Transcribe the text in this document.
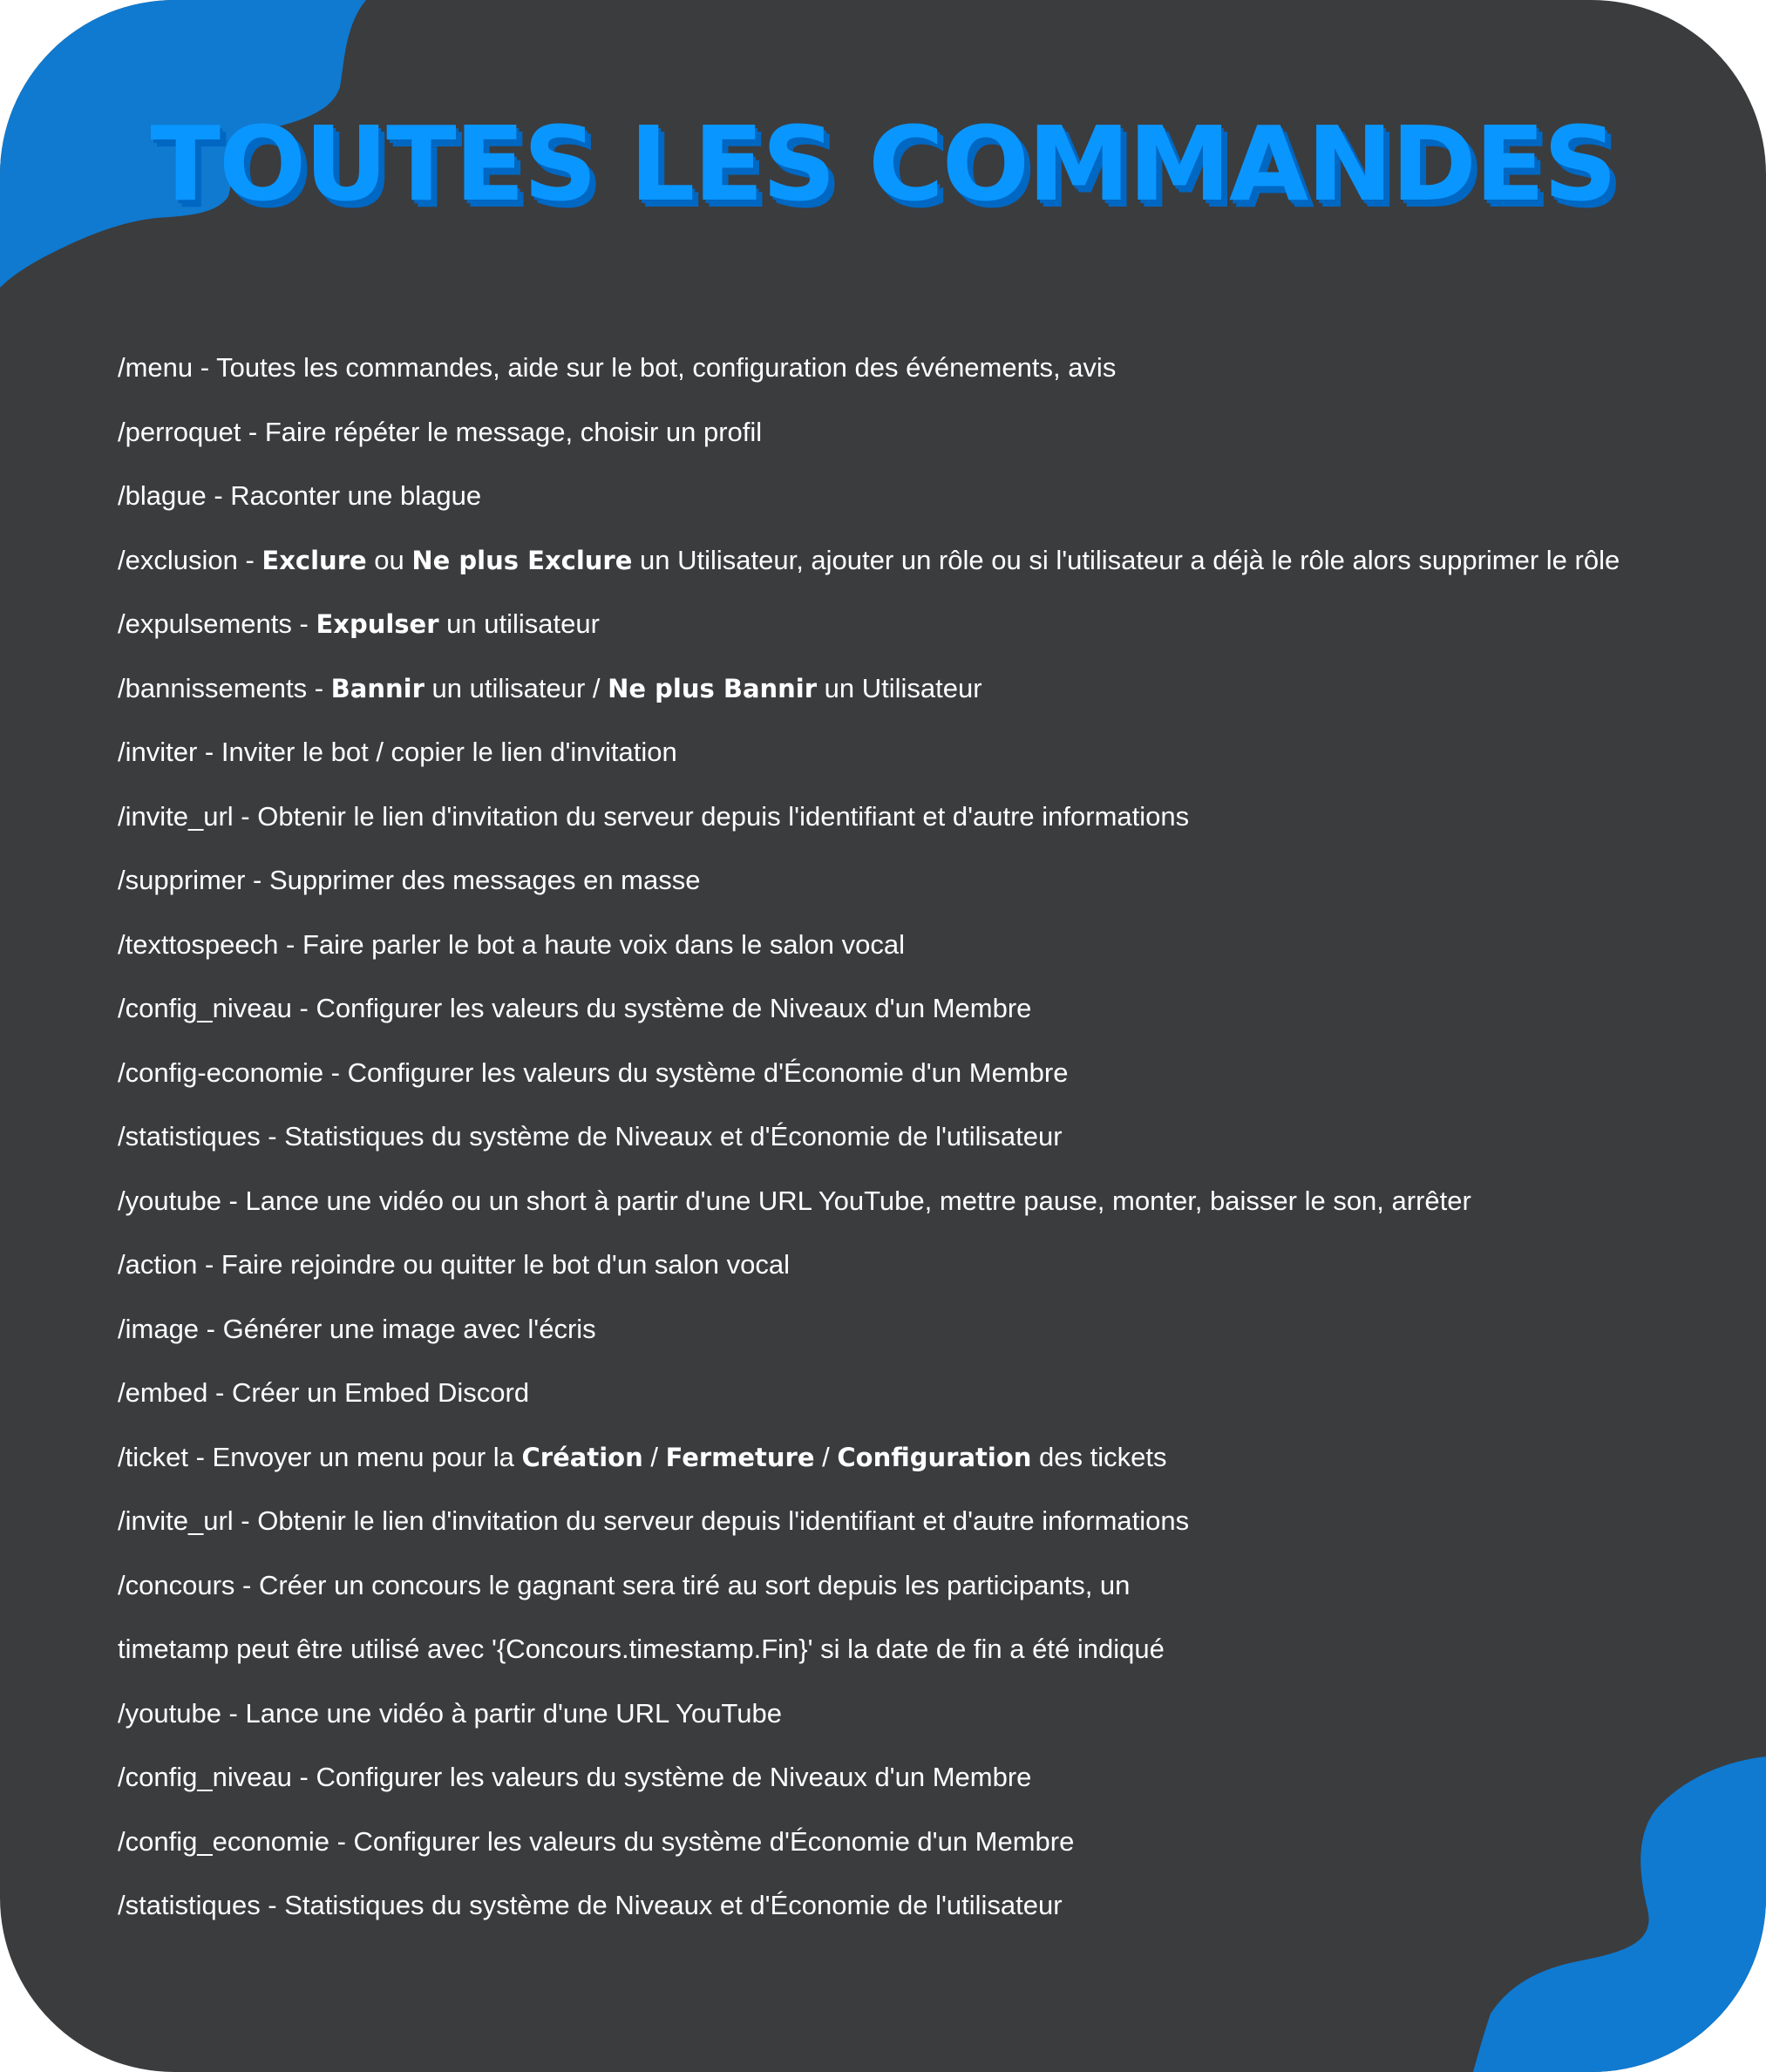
TOUTES LES COMMANDES
/menu - Toutes les commandes, aide sur le bot, configuration des événements, avis
/perroquet - Faire répéter le message, choisir un profil
/blague - Raconter une blague
/exclusion - Exclure ou Ne plus Exclure un Utilisateur, ajouter un rôle ou si l'utilisateur a déjà le rôle alors supprimer le rôle
/expulsements - Expulser un utilisateur
/bannissements - Bannir un utilisateur / Ne plus Bannir un Utilisateur
/inviter - Inviter le bot / copier le lien d'invitation
/invite_url - Obtenir le lien d'invitation du serveur depuis l'identifiant et d'autre informations
/supprimer - Supprimer des messages en masse
/texttospeech - Faire parler le bot a haute voix dans le salon vocal
/config_niveau - Configurer les valeurs du système de Niveaux d'un Membre
/config-economie - Configurer les valeurs du système d'Économie d'un Membre
/statistiques - Statistiques du système de Niveaux et d'Économie de l'utilisateur
/youtube - Lance une vidéo ou un short à partir d'une URL YouTube, mettre pause, monter, baisser le son, arrêter
/action - Faire rejoindre ou quitter le bot d'un salon vocal
/image - Générer une image avec l'écris
/embed - Créer un Embed Discord
/ticket - Envoyer un menu pour la Création / Fermeture / Configuration des tickets
/invite_url - Obtenir le lien d'invitation du serveur depuis l'identifiant et d'autre informations
/concours - Créer un concours le gagnant sera tiré au sort depuis les participants, un
timetamp peut être utilisé avec '{Concours.timestamp.Fin}' si la date de fin a été indiqué
/youtube - Lance une vidéo à partir d'une URL YouTube
/config_niveau - Configurer les valeurs du système de Niveaux d'un Membre
/config_economie - Configurer les valeurs du système d'Économie d'un Membre
/statistiques - Statistiques du système de Niveaux et d'Économie de l'utilisateur
